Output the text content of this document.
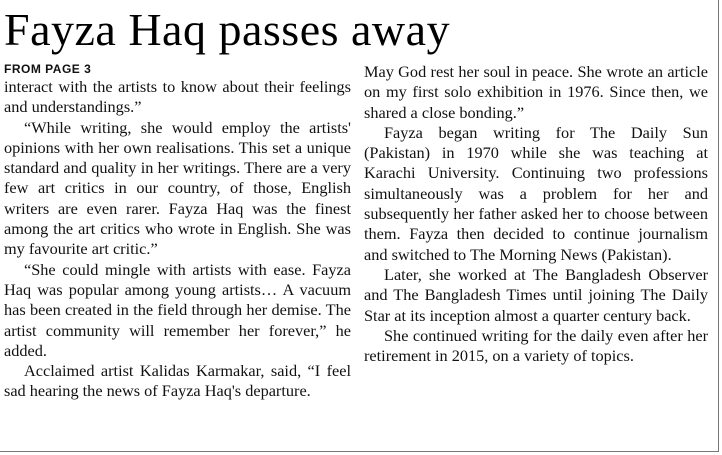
Fayza Haq passes away
FROM PAGE 3

interact with the artists to know about their feelings and understandings.”

“While writing, she would employ the artists' opinions with her own realisations. This set a unique standard and quality in her writings. There are a very few art critics in our country, of those, English writers are even rarer. Fayza Haq was the finest among the art critics who wrote in English. She was my favourite art critic.”

“She could mingle with artists with ease. Fayza Haq was popular among young artists… A vacuum has been created in the field through her demise. The artist community will remember her forever,” he added.

Acclaimed artist Kalidas Karmakar, said, “I feel sad hearing the news of Fayza Haq's departure.

May God rest her soul in peace. She wrote an article on my first solo exhibition in 1976. Since then, we shared a close bonding.”

Fayza began writing for The Daily Sun (Pakistan) in 1970 while she was teaching at Karachi University. Continuing two professions simultaneously was a problem for her and subsequently her father asked her to choose between them. Fayza then decided to continue journalism and switched to The Morning News (Pakistan).

Later, she worked at The Bangladesh Observer and The Bangladesh Times until joining The Daily Star at its inception almost a quarter century back.

She continued writing for the daily even after her retirement in 2015, on a variety of topics.
